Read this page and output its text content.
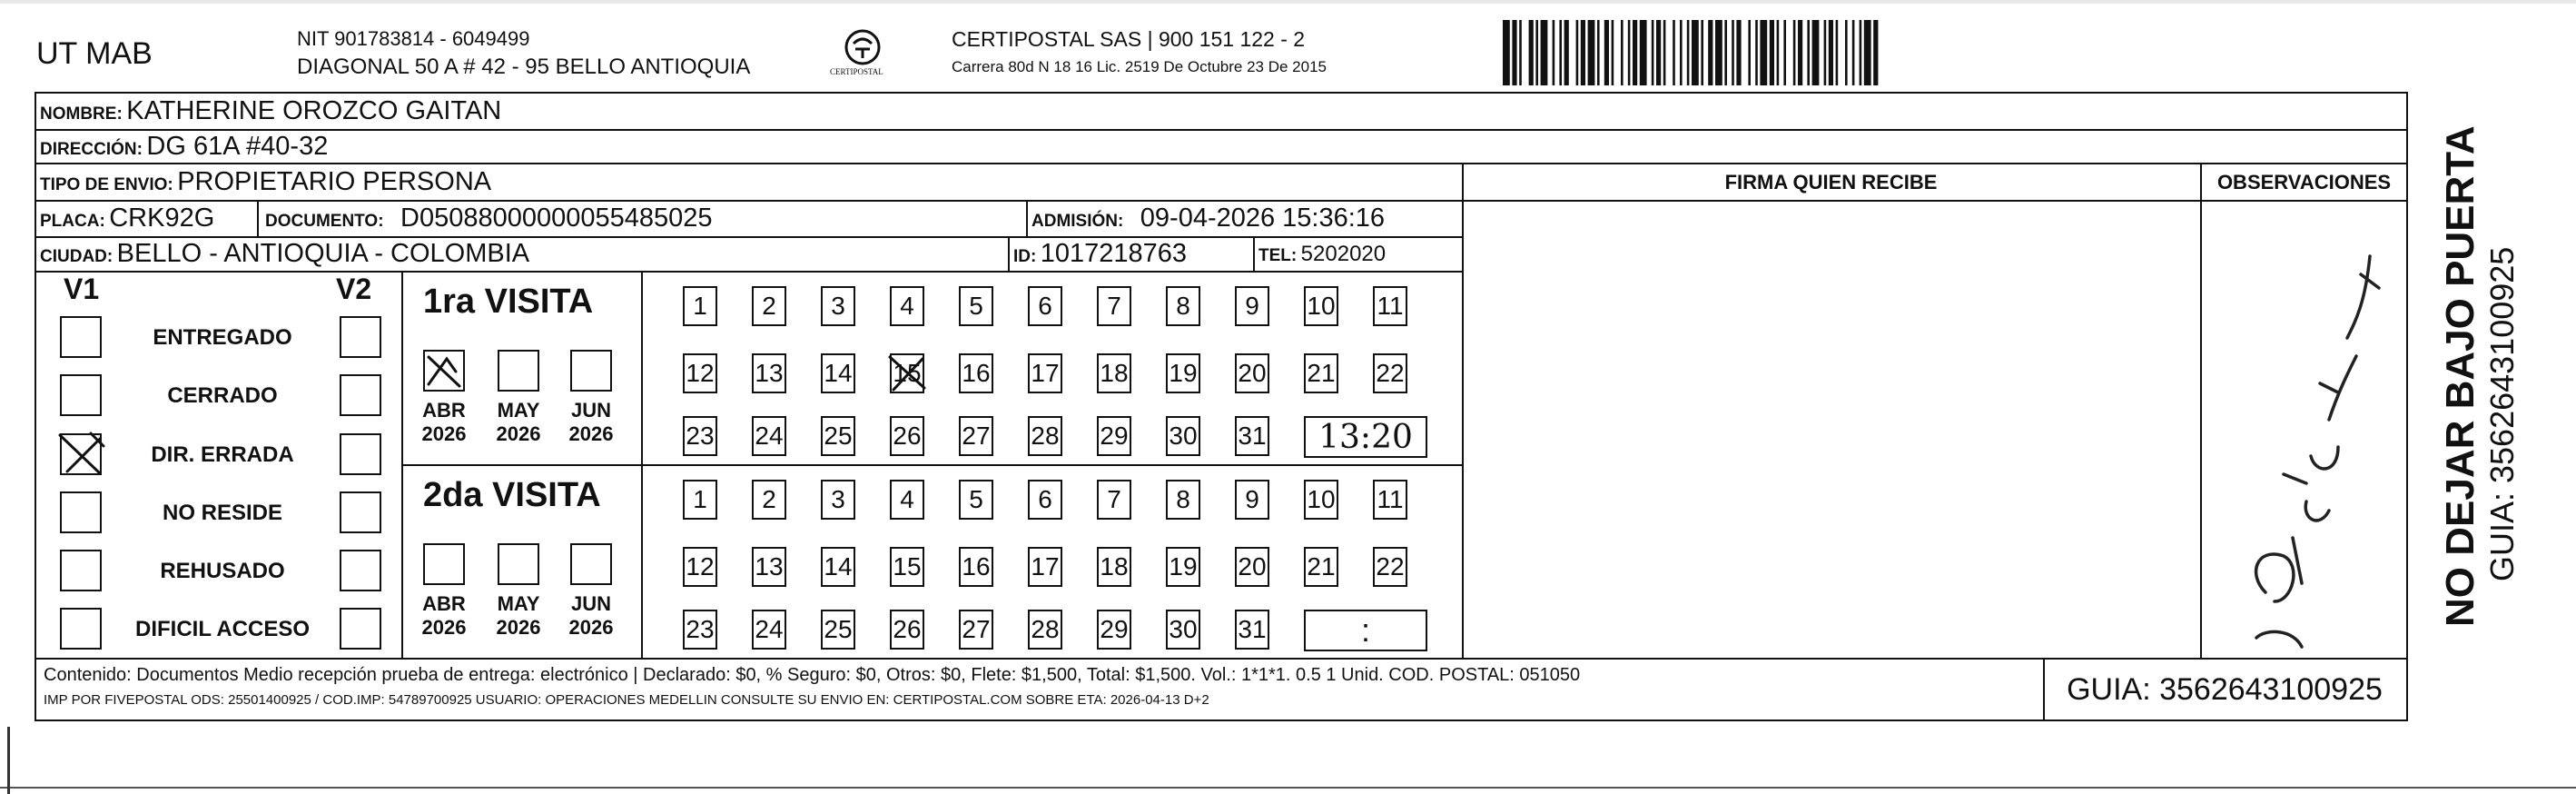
UT MAB	NIT 901783814 - 6049499
DIAGONAL 50 A # 42 - 95 BELLO ANTIOQUIA	CERTIPOSTAL
CERTIPOSTAL SAS | 900 151 122 - 2
Carrera 80d N 18 16 Lic. 2519 De Octubre 23 De 2015
NOMBRE: KATHERINE OROZCO GAITAN
DIRECCIÓN: DG 61A #40-32
TIPO DE ENVIO: PROPIETARIO PERSONA
PLACA: CRK92G	DOCUMENTO: D05088000000055485025	ADMISIÓN: 09-04-2026 15:36:16
CIUDAD: BELLO - ANTIOQUIA - COLOMBIA	ID: 1017218763	TEL: 5202020
FIRMA QUIEN RECIBE	OBSERVACIONES	NO DEJAR BAJO PUERTA GUIA: 3562643100925
V1	V2
ENTREGADO
CERRADO
DIR. ERRADA
NO RESIDE
REHUSADO
DIFICIL ACCESO
1ra VISITA
ABR
2026
MAY
2026
JUN
2026
1	2	3	4	5	6	7	8	9	10 11
12 13 14 15 16 17 18 19 20 21 22
23 24 25 26 27 28 29 30 31 13:20
2da VISITA
ABR
2026
MAY
2026
JUN
2026
1	2	3	4	5	6	7	8	9	10 11
12 13 14 15 16 17 18 19 20 21 22
23 24 25 26 27 28 29 30 31	:
Contenido: Documentos Medio recepción prueba de entrega: electrónico | Declarado: $0, % Seguro: $0, Otros: $0, Flete: $1,500, Total: $1,500. Vol.: 1*1*1. 0.5 1 Unid. COD. POSTAL: 051050
IMP POR FIVEPOSTAL ODS: 25501400925 / COD.IMP: 54789700925 USUARIO: OPERACIONES MEDELLIN CONSULTE SU ENVIO EN: CERTIPOSTAL.COM SOBRE ETA: 2026-04-13 D+2	GUIA: 3562643100925
